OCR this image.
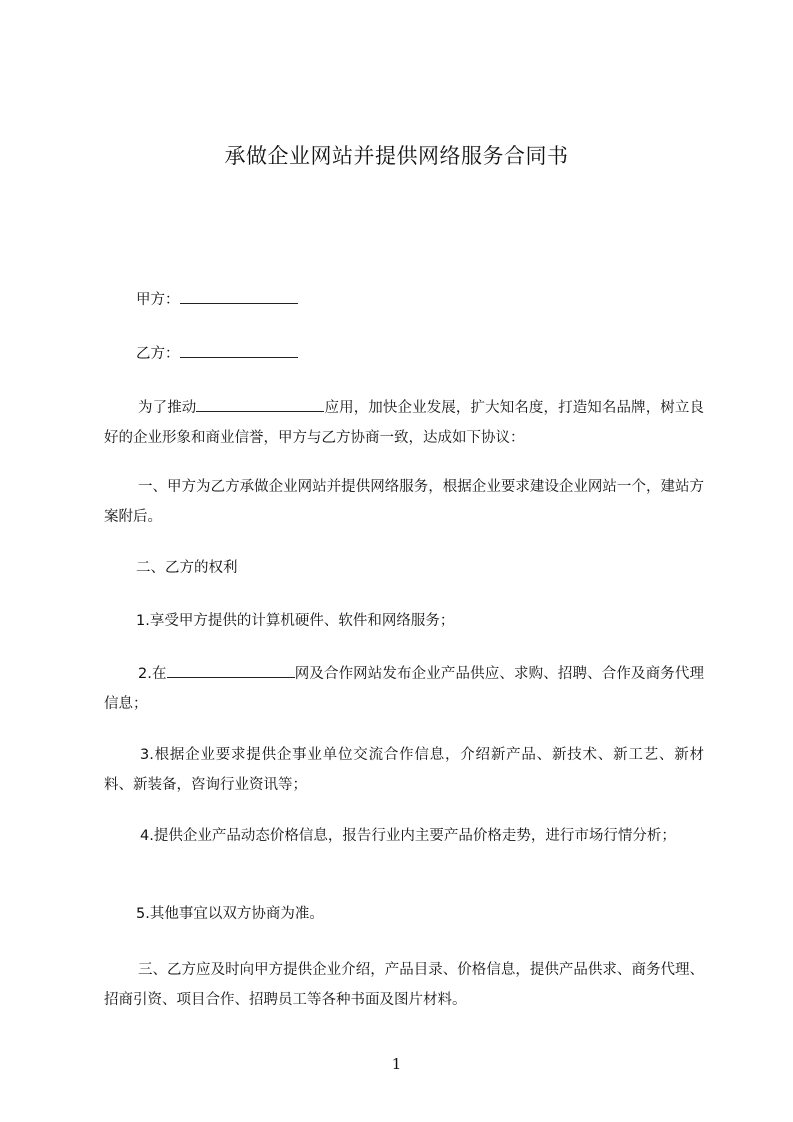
承做企业网站并提供网络服务合同书

甲方：

乙方：

为了推动	应用，加快企业发展，扩大知名度，打造知名品牌，树立良好的企业形象和商业信誉，甲方与乙方协商一致，达成如下协议：

一、甲方为乙方承做企业网站并提供网络服务，根据企业要求建设企业网站一个，建站方案附后。

二、乙方的权利

1.享受甲方提供的计算机硬件、软件和网络服务；

2.在	网及合作网站发布企业产品供应、求购、招聘、合作及商务代理信息；

3.根据企业要求提供企事业单位交流合作信息，介绍新产品、新技术、新工艺、新材料、新装备，咨询行业资讯等；

4.提供企业产品动态价格信息，报告行业内主要产品价格走势，进行市场行情分析；

5.其他事宜以双方协商为准。

三、乙方应及时向甲方提供企业介绍，产品目录、价格信息，提供产品供求、商务代理、招商引资、项目合作、招聘员工等各种书面及图片材料。

1
